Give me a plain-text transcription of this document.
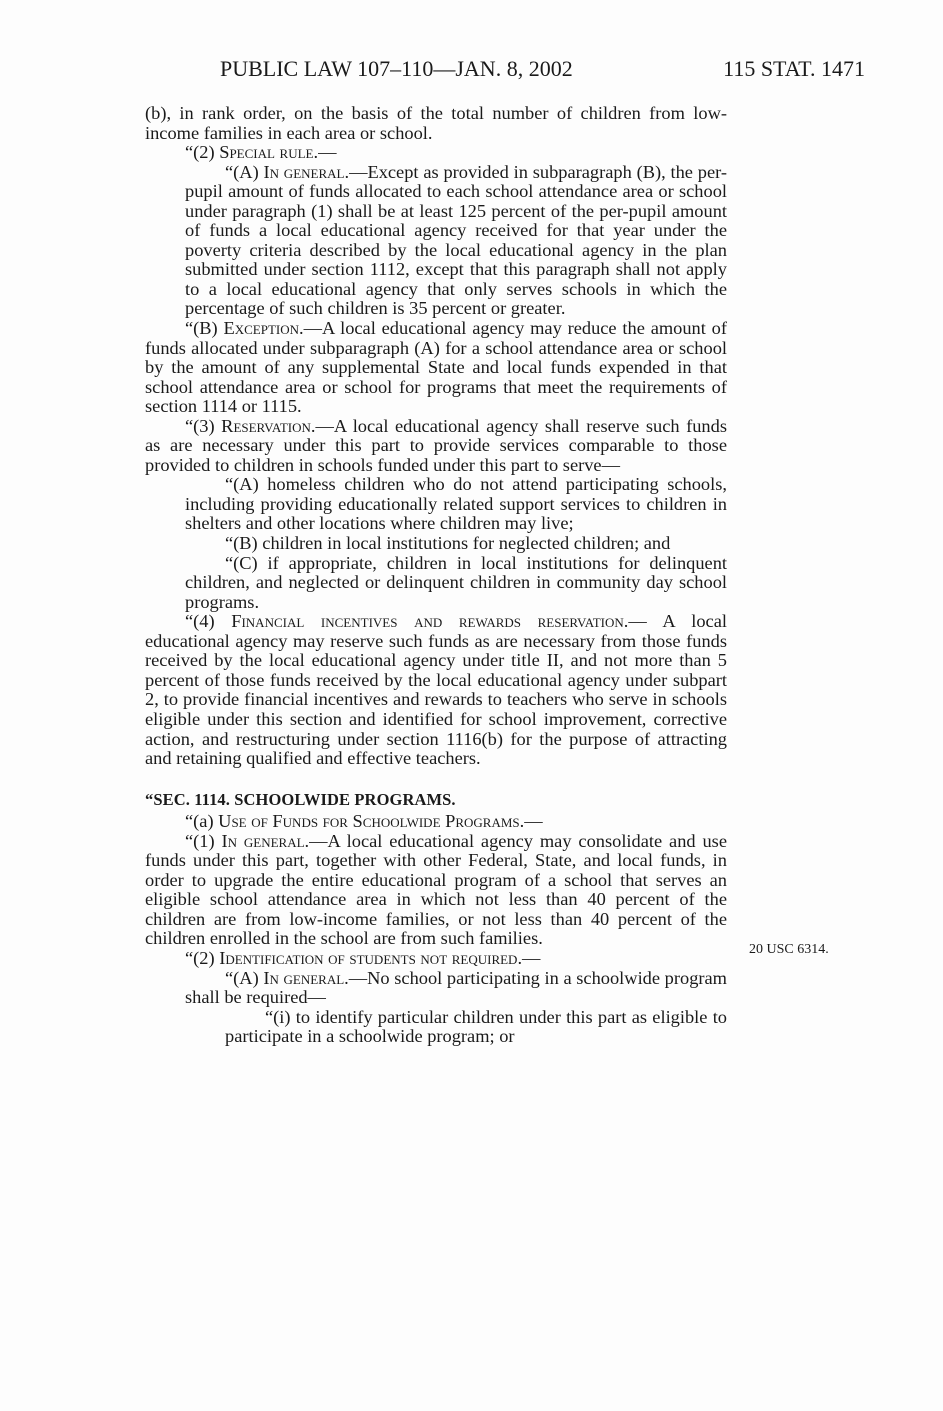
PUBLIC LAW 107–110—JAN. 8, 2002	115 STAT. 1471
20 USC 6314.

(b), in rank order, on the basis of the total number of children from low-income families in each area or school.

“(2) Special rule.—

“(A) In general.—Except as provided in subparagraph (B), the per-pupil amount of funds allocated to each school attendance area or school under paragraph (1) shall be at least 125 percent of the per-pupil amount of funds a local educational agency received for that year under the poverty criteria described by the local educational agency in the plan submitted under section 1112, except that this paragraph shall not apply to a local educational agency that only serves schools in which the percentage of such children is 35 percent or greater.

“(B) Exception.—A local educational agency may reduce the amount of funds allocated under subparagraph (A) for a school attendance area or school by the amount of any supplemental State and local funds expended in that school attendance area or school for programs that meet the requirements of section 1114 or 1115.

“(3) Reservation.—A local educational agency shall reserve such funds as are necessary under this part to provide services comparable to those provided to children in schools funded under this part to serve—

“(A) homeless children who do not attend participating schools, including providing educationally related support services to children in shelters and other locations where children may live;

“(B) children in local institutions for neglected children; and

“(C) if appropriate, children in local institutions for delinquent children, and neglected or delinquent children in community day school programs.

“(4) Financial incentives and rewards reservation.— A local educational agency may reserve such funds as are necessary from those funds received by the local educational agency under title II, and not more than 5 percent of those funds received by the local educational agency under subpart 2, to provide financial incentives and rewards to teachers who serve in schools eligible under this section and identified for school improvement, corrective action, and restructuring under section 1116(b) for the purpose of attracting and retaining qualified and effective teachers.

“SEC. 1114. SCHOOLWIDE PROGRAMS.

“(a) Use of Funds for Schoolwide Programs.—

“(1) In general.—A local educational agency may consolidate and use funds under this part, together with other Federal, State, and local funds, in order to upgrade the entire educational program of a school that serves an eligible school attendance area in which not less than 40 percent of the children are from low-income families, or not less than 40 percent of the children enrolled in the school are from such families.

“(2) Identification of students not required.—

“(A) In general.—No school participating in a schoolwide program shall be required—

“(i) to identify particular children under this part as eligible to participate in a schoolwide program; or
